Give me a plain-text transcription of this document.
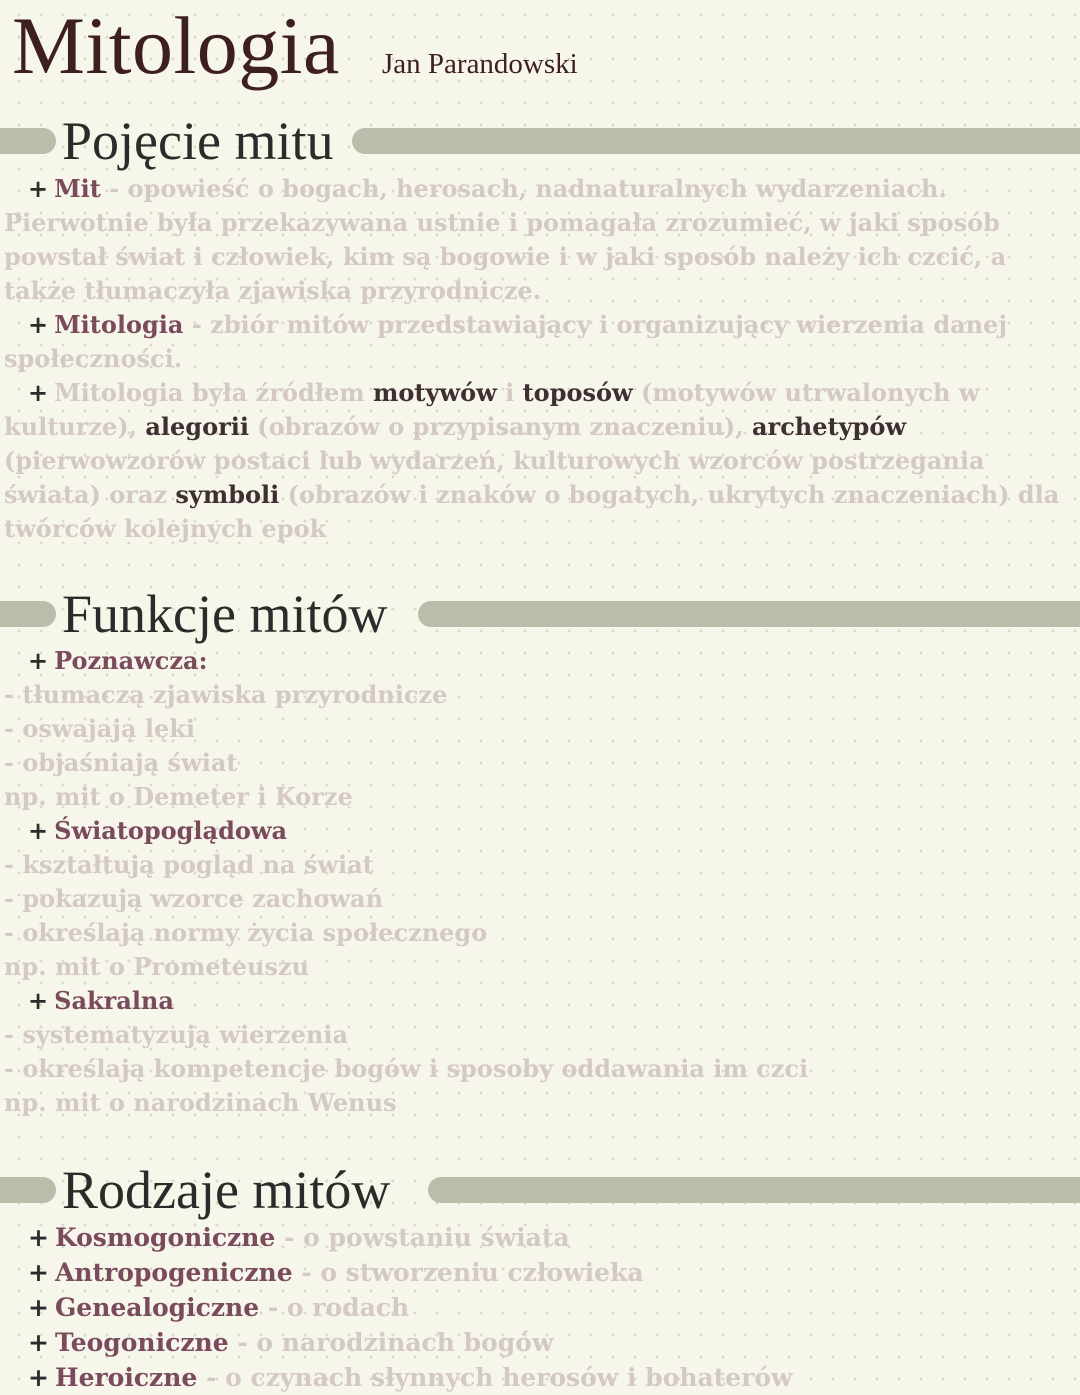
Mitologia Jan Parandowski
Pojęcie mitu
+ Mit - opowieść o bogach, herosach, nadnaturalnych wydarzeniach.
Pierwotnie była przekazywana ustnie i pomagała zrozumieć, w jaki sposób
powstał świat i człowiek, kim są bogowie i w jaki sposób należy ich czcić, a
także tłumaczyła zjawiska przyrodnicze.
+ Mitologia - zbiór mitów przedstawiający i organizujący wierzenia danej
społeczności.
+ Mitologia była źródłem motywów i toposów (motywów utrwalonych w
kulturze), alegorii (obrazów o przypisanym znaczeniu), archetypów
(pierwowzorów postaci lub wydarzeń, kulturowych wzorców postrzegania
świata) oraz symboli (obrazów i znaków o bogatych, ukrytych znaczeniach) dla
twórców kolejnych epok
Funkcje mitów
+ Poznawcza:
- tłumaczą zjawiska przyrodnicze
- oswajają lęki
- objaśniają świat
np. mit o Demeter i Korze
+ Światopoglądowa
- kształtują pogląd na świat
- pokazują wzorce zachowań
- określają normy życia społecznego
np. mit o Prometeuszu
+ Sakralna
- systematyzują wierzenia
- określają kompetencje bogów i sposoby oddawania im czci
np. mit o narodzinach Wenus
Rodzaje mitów
+ Kosmogoniczne - o powstaniu świata
+ Antropogeniczne - o stworzeniu człowieka
+ Genealogiczne - o rodach
+ Teogoniczne - o narodzinach bogów
+ Heroiczne - o czynach słynnych herosów i bohaterów
